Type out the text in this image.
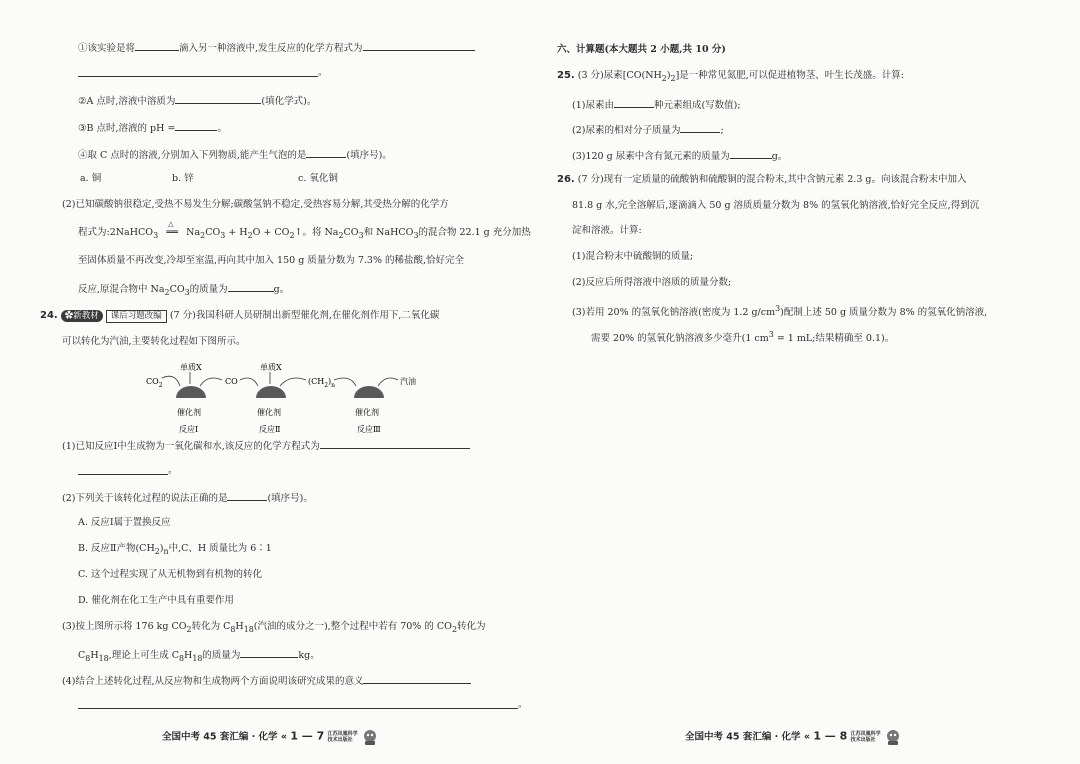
①该实验是将	滴入另一种溶液中,发生反应的化学方程式为
。
②A 点时,溶液中溶质为	(填化学式)。
③B 点时,溶液的 pH =	。
④取 C 点时的溶液,分别加入下列物质,能产生气泡的是	(填序号)。
a. 铜	b. 锌	c. 氧化铜
(2)已知碳酸钠很稳定,受热不易发生分解;碳酸氢钠不稳定,受热容易分解,其受热分解的化学方
程式为:2NaHCO$_3$
△
══ $Na_2CO_3 + H_2O$ + $CO_2↑$。将 $Na_2CO_3$和 NaHCO$_3$的混合物 22.1 g 充分加热
至固体质量不再改变,冷却至室温,再向其中加入 150 g 质量分数为 7.3% 的稀盐酸,恰好完全
反应,原混合物中 $Na_2CO_3$的质量为	g。
24. ✿新教材 课后习题改编 (7 分)我国科研人员研制出新型催化剂,在催化剂作用下,二氧化碳
可以转化为汽油,主要转化过程如下图所示。
$CO_2$
单质X
CO
单质X
$(CH_2)_n$	汽油
催化剂	催化剂	催化剂
反应Ⅰ	反应Ⅱ	反应Ⅲ
(1)已知反应Ⅰ中生成物为一氧化碳和水,该反应的化学方程式为
。
(2)下列关于该转化过程的说法正确的是	(填序号)。
A. 反应Ⅰ属于置换反应
B. 反应Ⅱ产物$(CH_2)_n$中,C、H 质量比为 6∶1
C. 这个过程实现了从无机物到有机物的转化
D. 催化剂在化工生产中具有重要作用
(3)按上图所示将 176 kg $CO_2$转化为 $C_8H_{18}$(汽油的成分之一),整个过程中若有 70% 的 $CO_2$转化为
$C_8H_{18}$,理论上可生成 $C_8H_{18}$的质量为	kg。
(4)结合上述转化过程,从反应物和生成物两个方面说明该研究成果的意义
。
全国中考 45 套汇编 · 化学 « 1 — 7 江苏凤凰科学
技术出版社
六、计算题(本大题共 2 小题,共 10 分)
25. (3 分)尿素$[CO(NH_2)_2]$是一种常见氮肥,可以促进植物茎、叶生长茂盛。计算:
(1)尿素由	种元素组成(写数值);
(2)尿素的相对分子质量为	;
(3)120 g 尿素中含有氮元素的质量为	g。
26. (7 分)现有一定质量的硫酸钠和硫酸铜的混合粉末,其中含钠元素 2.3 g。向该混合粉末中加入
81.8 g 水,完全溶解后,逐滴滴入 50 g 溶质质量分数为 8% 的氢氧化钠溶液,恰好完全反应,得到沉
淀和溶液。计算:
(1)混合粉末中硫酸铜的质量;
(2)反应后所得溶液中溶质的质量分数;
(3)若用 20% 的氢氧化钠溶液(密度为 1.2 $g/cm^3$)配制上述 50 g 质量分数为 8% 的氢氧化钠溶液,
需要 20% 的氢氧化钠溶液多少毫升(1 $cm^3 = 1$ mL;结果精确至 0.1)。
全国中考 45 套汇编 · 化学 « 1 — 8 江苏凤凰科学
技术出版社
